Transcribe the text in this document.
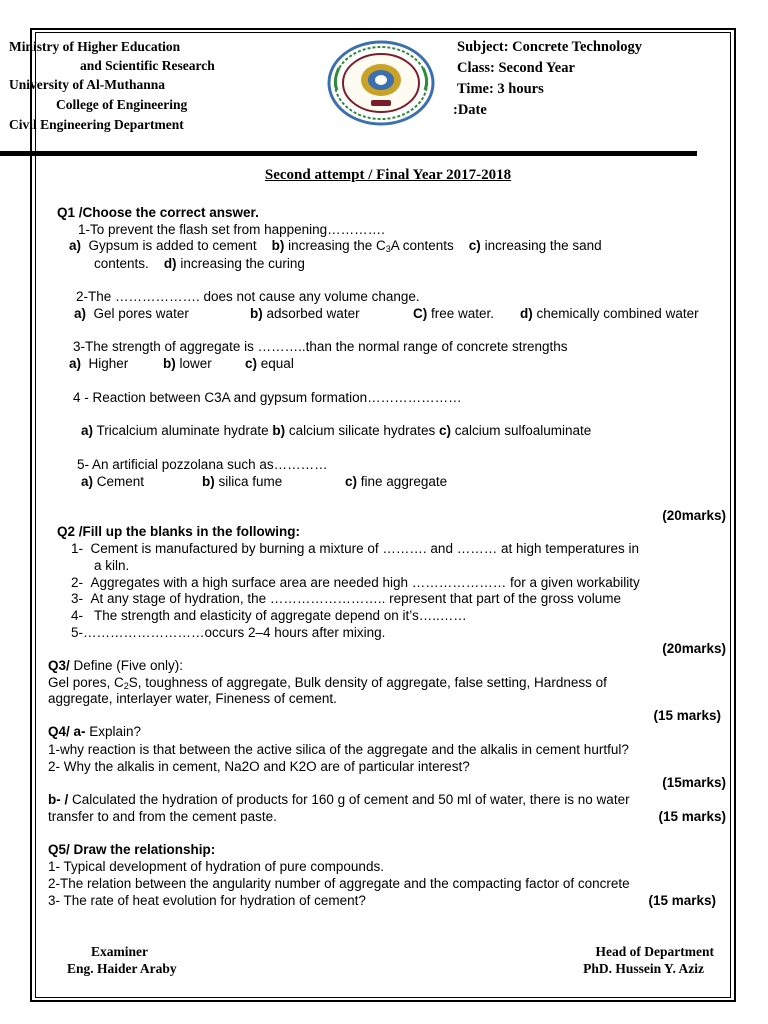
Ministry of Higher Education
and Scientific Research
University of Al-Muthanna
College of Engineering
Civil Engineering Department
Subject: Concrete Technology
Class: Second Year
Time: 3 hours
:Date
Second attempt / Final Year 2017-2018
Q1 /Choose the correct answer.
1-To prevent the flash set from happening………….
a) Gypsum is added to cement b) increasing the $C_3A$ contents c) increasing the sand
contents. d) increasing the curing
2-The ………………. does not cause any volume change.
a) Gel pores water	b) adsorbed water	C) free water. d) chemically combined water
3-The strength of aggregate is ………..than the normal range of concrete strengths
a) Higher	b) lower c) equal
4 - Reaction between C3A and gypsum formation…………………
a) Tricalcium aluminate hydrate b) calcium silicate hydrates c) calcium sulfoaluminate
5- An artificial pozzolana such as…………
a) Cement	b) silica fume	c) fine aggregate
(20marks)
Q2 /Fill up the blanks in the following:
1- Cement is manufactured by burning a mixture of ………. and ……… at high temperatures in
a kiln.
2- Aggregates with a high surface area are needed high ………………… for a given workability
3- At any stage of hydration, the …………………….. represent that part of the gross volume
4-   The strength and elasticity of aggregate depend on it’s…..……
5-………………………occurs 2–4 hours after mixing.
(20marks)
Q3/ Define (Five only):
Gel pores, $C_2S$, toughness of aggregate, Bulk density of aggregate, false setting, Hardness of
aggregate, interlayer water, Fineness of cement.
(15 marks)
Q4/ a- Explain?
1-why reaction is that between the active silica of the aggregate and the alkalis in cement hurtful?
2- Why the alkalis in cement, Na2O and K2O are of particular interest?
(15marks)
b- / Calculated the hydration of products for 160 g of cement and 50 ml of water, there is no water
transfer to and from the cement paste.	(15 marks)
Q5/ Draw the relationship:
1- Typical development of hydration of pure compounds.
2-The relation between the angularity number of aggregate and the compacting factor of concrete
3- The rate of heat evolution for hydration of cement?	(15 marks)
Examiner
Eng. Haider Araby
Head of Department
PhD. Hussein Y. Aziz
